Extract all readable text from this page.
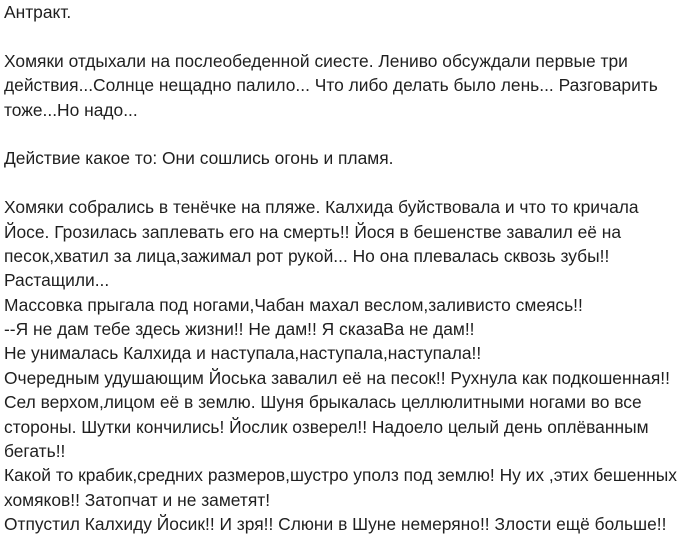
Антракт.
Хомяки отдыхали на послеобеденной сиесте. Лениво обсуждали первые три
действия...Солнце нещадно палило... Что либо делать было лень... Разговарить
тоже...Но надо...
Действие какое то: Они сошлись огонь и пламя.
Хомяки собрались в тенёчке на пляже. Калхида буйствовала и что то кричала
Йосе. Грозилась заплевать его на смерть!! Йося в бешенстве завалил её на
песок,хватил за лица,зажимал рот рукой... Но она плевалась сквозь зубы!!
Растащили...
Массовка прыгала под ногами,Чабан махал веслом,заливисто смеясь!!
--Я не дам тебе здесь жизни!! Не дам!! Я сказаВа не дам!!
Не унималась Калхида и наступала,наступала,наступала!!
Очередным удушающим Йоська завалил её на песок!! Рухнула как подкошенная!!
Сел верхом,лицом её в землю. Шуня брыкалась целлюлитными ногами во все
стороны. Шутки кончились! Йослик озверел!! Надоело целый день оплёванным
бегать!!
Какой то крабик,средних размеров,шустро уполз под землю! Ну их ,этих бешенных
хомяков!! Затопчат и не заметят!
Отпустил Калхиду Йосик!! И зря!! Слюни в Шуне немеряно!! Злости ещё больше!!
